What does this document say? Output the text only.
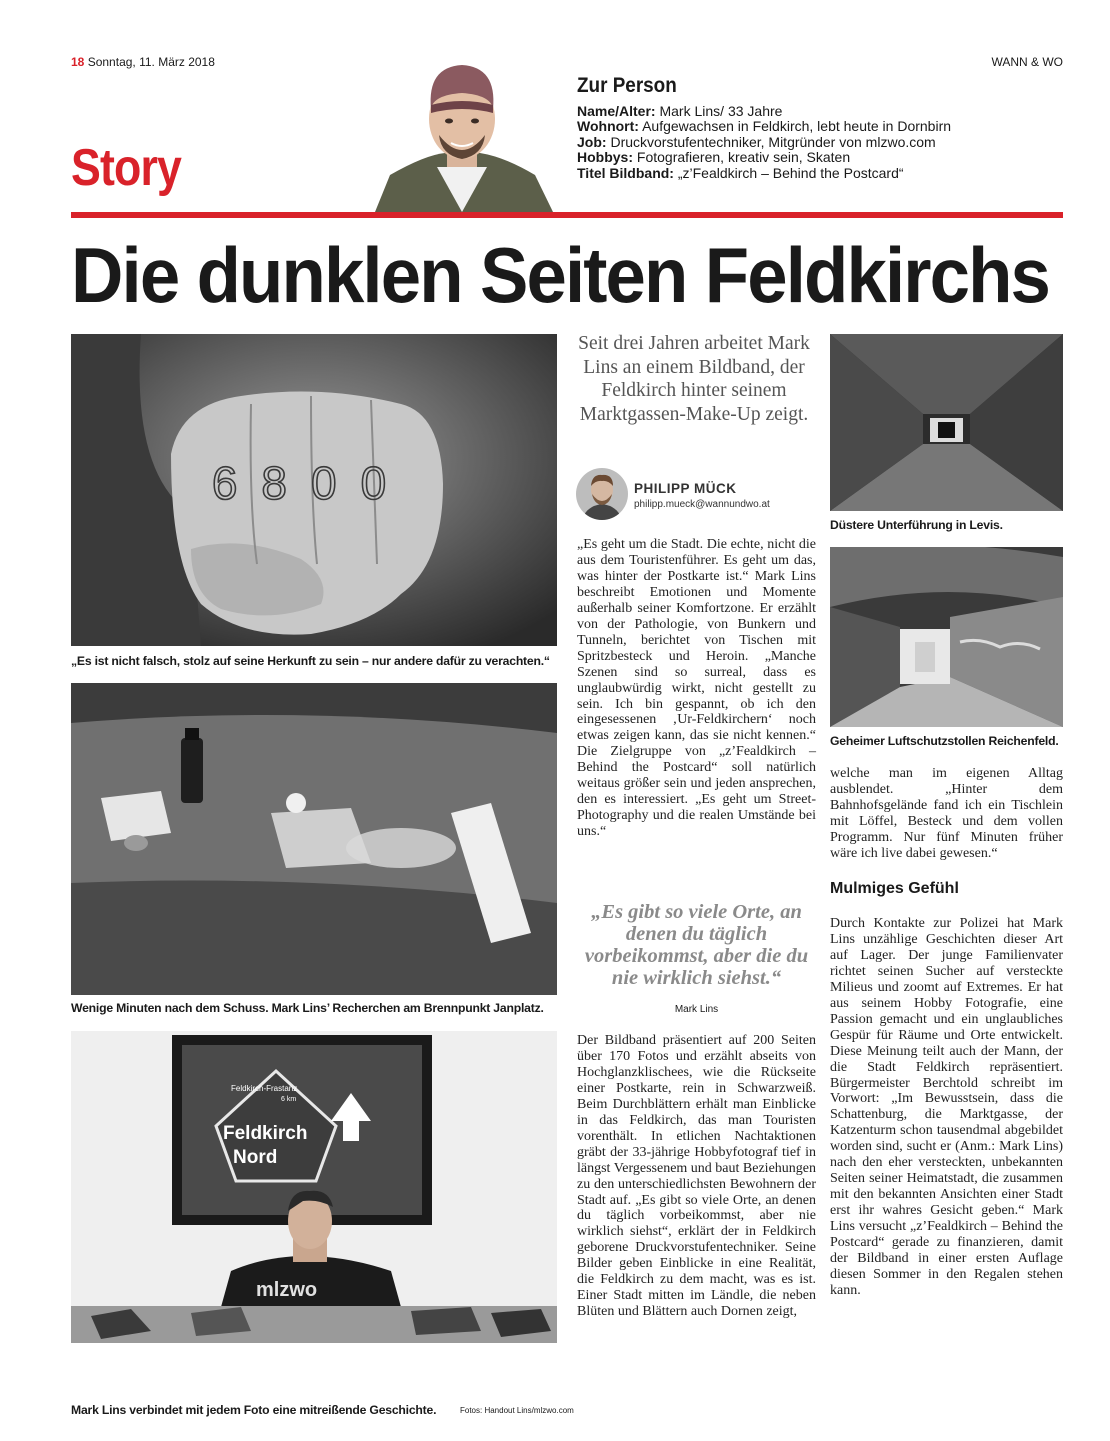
18 Sonntag, 11. März 2018	WANN & WO
Story
Zur Person
Name/Alter: Mark Lins/ 33 Jahre
Wohnort: Aufgewachsen in Feldkirch, lebt heute in Dornbirn
Job: Druckvorstufentechniker, Mitgründer von mlzwo.com
Hobbys: Fotografieren, kreativ sein, Skaten
Titel Bildband: „z’Fealdkirch – Behind the Postcard“
Die dunklen Seiten Feldkirchs
6800
„Es ist nicht falsch, stolz auf seine Herkunft zu sein – nur andere dafür zu verachten.“
Wenige Minuten nach dem Schuss. Mark Lins’ Recherchen am Brennpunkt Janplatz.
Feldkirch-Frastanz
6 km
Feldkirch
Nord
mlzwo
Mark Lins verbindet mit jedem Foto eine mitreißende Geschichte.	Fotos: Handout Lins/mlzwo.com
Düstere Unterführung in Levis.
Geheimer Luftschutzstollen Reichenfeld.
Seit drei Jahren arbeitet Mark Lins an einem Bildband, der Feldkirch hinter seinem Marktgassen-Make-Up zeigt.
PHILIPP MÜCK
philipp.mueck@wannundwo.at

„Es geht um die Stadt. Die echte, nicht die aus dem Touristenführer. Es geht um das, was hinter der Postkarte ist.“ Mark Lins beschreibt Emotionen und Momente außerhalb seiner Komfortzone. Er erzählt von der Pathologie, von Bunkern und Tunneln, berichtet von Tischen mit Spritzbesteck und Heroin. „Manche Szenen sind so surreal, dass es unglaubwürdig wirkt, nicht gestellt zu sein. Ich bin gespannt, ob ich den eingesessenen ‚Ur-Feldkirchern‘ noch etwas zeigen kann, das sie nicht kennen.“ Die Zielgruppe von „z’Fealdkirch – Behind the Postcard“ soll natürlich weitaus größer sein und jeden ansprechen, den es interessiert. „Es geht um Street-Photography und die realen Umstände bei uns.“

„Es gibt so viele Orte, an denen du täglich vorbeikommst, aber die du nie wirklich siehst.“
Mark Lins

Der Bildband präsentiert auf 200 Seiten über 170 Fotos und erzählt abseits von Hochglanzklischees, wie die Rückseite einer Postkarte, rein in Schwarzweiß. Beim Durchblättern erhält man Einblicke in das Feldkirch, das man Touristen vorenthält. In etlichen Nachtaktionen gräbt der 33-jährige Hobbyfotograf tief in längst Vergessenem und baut Beziehungen zu den unterschiedlichsten Bewohnern der Stadt auf. „Es gibt so viele Orte, an denen du täglich vorbeikommst, aber nie wirklich siehst“, erklärt der in Feldkirch geborene Druckvorstufentechniker. Seine Bilder geben Einblicke in eine Realität, die Feldkirch zu dem macht, was es ist. Einer Stadt mitten im Ländle, die neben Blüten und Blättern auch Dornen zeigt,

welche man im eigenen Alltag ausblendet. „Hinter dem Bahnhofsgelände fand ich ein Tischlein mit Löffel, Besteck und dem vollen Programm. Nur fünf Minuten früher wäre ich live dabei gewesen.“

Mulmiges Gefühl

Durch Kontakte zur Polizei hat Mark Lins unzählige Geschichten dieser Art auf Lager. Der junge Familienvater richtet seinen Sucher auf versteckte Milieus und zoomt auf Extremes. Er hat aus seinem Hobby Fotografie, eine Passion gemacht und ein unglaubliches Gespür für Räume und Orte entwickelt. Diese Meinung teilt auch der Mann, der die Stadt Feldkirch repräsentiert. Bürgermeister Berchtold schreibt im Vorwort: „Im Bewusstsein, dass die Schattenburg, die Marktgasse, der Katzenturm schon tausendmal abgebildet worden sind, sucht er (Anm.: Mark Lins) nach den eher versteckten, unbekannten Seiten seiner Heimatstadt, die zusammen mit den bekannten Ansichten einer Stadt erst ihr wahres Gesicht geben.“ Mark Lins versucht „z’Fealdkirch – Behind the Postcard“ gerade zu finanzieren, damit der Bildband in einer ersten Auflage diesen Sommer in den Regalen stehen kann.
